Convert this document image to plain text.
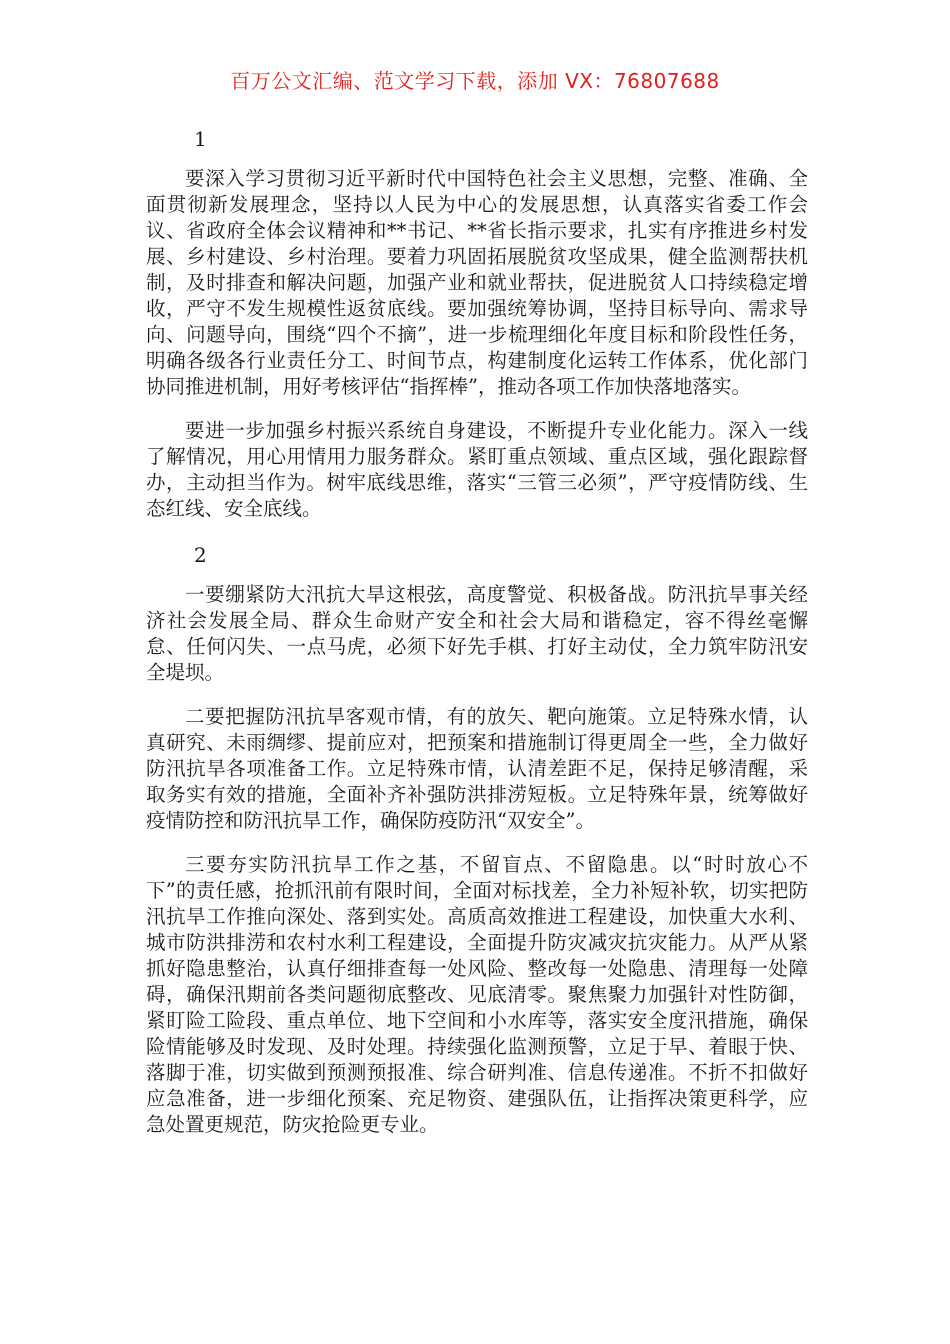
百万公文汇编、范文学习下载，添加 VX：76807688
1

要深入学习贯彻习近平新时代中国特色社会主义思想，完整、准确、全面贯彻新发展理念，坚持以人民为中心的发展思想，认真落实省委工作会议、省政府全体会议精神和**书记、**省长指示要求，扎实有序推进乡村发展、乡村建设、乡村治理。要着力巩固拓展脱贫攻坚成果，健全监测帮扶机制，及时排查和解决问题，加强产业和就业帮扶，促进脱贫人口持续稳定增收，严守不发生规模性返贫底线。要加强统筹协调，坚持目标导向、需求导向、问题导向，围绕“四个不摘”，进一步梳理细化年度目标和阶段性任务，明确各级各行业责任分工、时间节点，构建制度化运转工作体系，优化部门协同推进机制，用好考核评估“指挥棒”，推动各项工作加快落地落实。

要进一步加强乡村振兴系统自身建设，不断提升专业化能力。深入一线了解情况，用心用情用力服务群众。紧盯重点领域、重点区域，强化跟踪督办，主动担当作为。树牢底线思维，落实“三管三必须”，严守疫情防线、生态红线、安全底线。

2

一要绷紧防大汛抗大旱这根弦，高度警觉、积极备战。防汛抗旱事关经济社会发展全局、群众生命财产安全和社会大局和谐稳定，容不得丝毫懈怠、任何闪失、一点马虎，必须下好先手棋、打好主动仗，全力筑牢防汛安全堤坝。

二要把握防汛抗旱客观市情，有的放矢、靶向施策。立足特殊水情，认真研究、未雨绸缪、提前应对，把预案和措施制订得更周全一些，全力做好防汛抗旱各项准备工作。立足特殊市情，认清差距不足，保持足够清醒，采取务实有效的措施，全面补齐补强防洪排涝短板。立足特殊年景，统筹做好疫情防控和防汛抗旱工作，确保防疫防汛“双安全”。

三要夯实防汛抗旱工作之基，不留盲点、不留隐患。以“时时放心不下”的责任感，抢抓汛前有限时间，全面对标找差，全力补短补软，切实把防汛抗旱工作推向深处、落到实处。高质高效推进工程建设，加快重大水利、城市防洪排涝和农村水利工程建设，全面提升防灾减灾抗灾能力。从严从紧抓好隐患整治，认真仔细排查每一处风险、整改每一处隐患、清理每一处障碍，确保汛期前各类问题彻底整改、见底清零。聚焦聚力加强针对性防御，紧盯险工险段、重点单位、地下空间和小水库等，落实安全度汛措施，确保险情能够及时发现、及时处理。持续强化监测预警，立足于早、着眼于快、落脚于准，切实做到预测预报准、综合研判准、信息传递准。不折不扣做好应急准备，进一步细化预案、充足物资、建强队伍，让指挥决策更科学，应急处置更规范，防灾抢险更专业。
